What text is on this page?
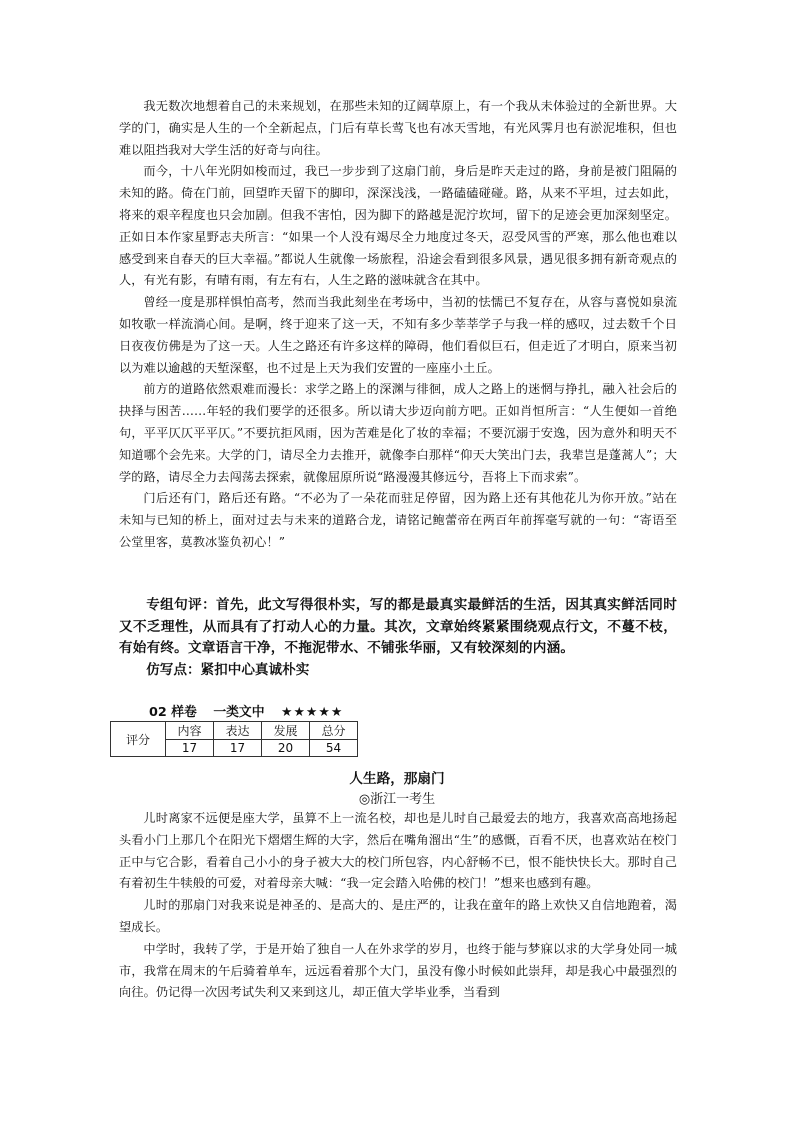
我无数次地想着自己的未来规划，在那些未知的辽阔草原上，有一个我从未体验过的全新世界。大学的门，确实是人生的一个全新起点，门后有草长莺飞也有冰天雪地，有光风霁月也有淤泥堆积，但也难以阻挡我对大学生活的好奇与向往。

而今，十八年光阴如梭而过，我已一步步到了这扇门前，身后是昨天走过的路，身前是被门阻隔的未知的路。倚在门前，回望昨天留下的脚印，深深浅浅，一路磕磕碰碰。路，从来不平坦，过去如此，将来的艰辛程度也只会加剧。但我不害怕，因为脚下的路越是泥泞坎坷，留下的足迹会更加深刻坚定。正如日本作家星野志夫所言：“如果一个人没有竭尽全力地度过冬天，忍受风雪的严寒，那么他也难以感受到来自春天的巨大幸福。”都说人生就像一场旅程，沿途会看到很多风景，遇见很多拥有新奇观点的人，有光有影，有晴有雨，有左有右，人生之路的滋味就含在其中。

曾经一度是那样惧怕高考，然而当我此刻坐在考场中，当初的怯懦已不复存在，从容与喜悦如泉流如牧歌一样流淌心间。是啊，终于迎来了这一天，不知有多少莘莘学子与我一样的感叹，过去数千个日日夜夜仿佛是为了这一天。人生之路还有许多这样的障碍，他们看似巨石，但走近了才明白，原来当初以为难以逾越的天堑深壑，也不过是上天为我们安置的一座座小土丘。

前方的道路依然艰难而漫长：求学之路上的深渊与徘徊，成人之路上的迷惘与挣扎，融入社会后的抉择与困苦……年轻的我们要学的还很多。所以请大步迈向前方吧。正如肖恒所言：“人生便如一首绝句，平平仄仄平平仄。”不要抗拒风雨，因为苦难是化了妆的幸福；不要沉溺于安逸，因为意外和明天不知道哪个会先来。大学的门，请尽全力去推开，就像李白那样“仰天大笑出门去，我辈岂是蓬蒿人”；大学的路，请尽全力去闯荡去探索，就像屈原所说“路漫漫其修远兮，吾将上下而求索”。

门后还有门，路后还有路。“不必为了一朵花而驻足停留，因为路上还有其他花儿为你开放。”站在未知与已知的桥上，面对过去与未来的道路合龙，请铭记鲍蕾帝在两百年前挥毫写就的一句：“寄语至公堂里客，莫教冰鉴负初心！”

专组句评：首先，此文写得很朴实，写的都是最真实最鲜活的生活，因其真实鲜活同时又不乏理性，从而具有了打动人心的力量。其次，文章始终紧紧围绕观点行文，不蔓不枝，有始有终。文章语言干净，不拖泥带水、不铺张华丽，又有较深刻的内涵。

仿写点：紧扣中心真诚朴实

02 样卷 一类文中 ★★★★★
评分	内容	表达	发展	总分
	17	17	20	54
人生路，那扇门
◎浙江一考生

儿时离家不远便是座大学，虽算不上一流名校，却也是儿时自己最爱去的地方，我喜欢高高地扬起头看小门上那几个在阳光下熠熠生辉的大字，然后在嘴角溜出“生”的感慨，百看不厌，也喜欢站在校门正中与它合影，看着自己小小的身子被大大的校门所包容，内心舒畅不已，恨不能快快长大。那时自己有着初生牛犊般的可爱，对着母亲大喊：“我一定会踏入哈佛的校门！”想来也感到有趣。

儿时的那扇门对我来说是神圣的、是高大的、是庄严的，让我在童年的路上欢快又自信地跑着，渴望成长。

中学时，我转了学，于是开始了独自一人在外求学的岁月，也终于能与梦寐以求的大学身处同一城市，我常在周末的午后骑着单车，远远看着那个大门，虽没有像小时候如此崇拜，却是我心中最强烈的向往。仍记得一次因考试失利又来到这儿，却正值大学毕业季，当看到
